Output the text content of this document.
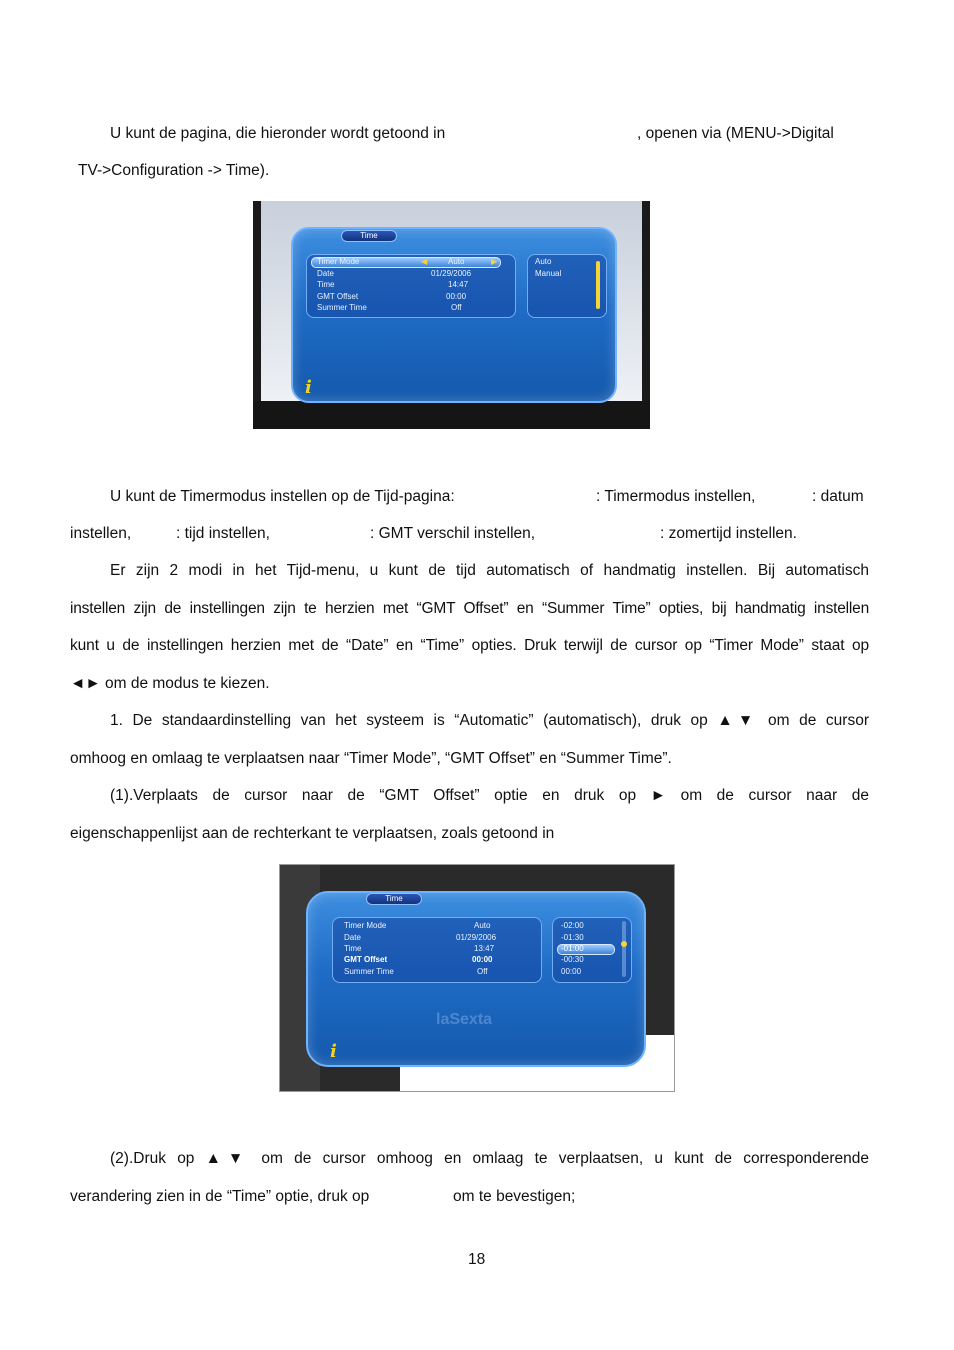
U kunt de pagina, die hieronder wordt getoond in	, openen via (MENU->Digital
TV->Configuration -> Time).
Time
Timer Mode	Auto
◀	▶
Date	01/29/2006
Time	14:47
GMT Offset	00:00
Summer Time	Off
Auto
Manual
i
U kunt de Timermodus instellen op de Tijd-pagina:	: Timermodus instellen,	: datum
instellen,	: tijd instellen,	: GMT verschil instellen,	: zomertijd instellen.
Er zijn 2 modi in het Tijd-menu, u kunt de tijd automatisch of handmatig instellen. Bij automatisch
instellen zijn de instellingen zijn te herzien met “GMT Offset” en “Summer Time” opties, bij handmatig instellen
kunt u de instellingen herzien met de “Date” en “Time” opties. Druk terwijl de cursor op “Timer Mode” staat op
◄► om de modus te kiezen.
1. De standaardinstelling van het systeem is “Automatic” (automatisch), druk op ▲▼ om de cursor
omhoog en omlaag te verplaatsen naar “Timer Mode”, “GMT Offset” en “Summer Time”.
(1).Verplaats de cursor naar de “GMT Offset” optie en druk op ► om de cursor naar de
eigenschappenlijst aan de rechterkant te verplaatsen, zoals getoond in
Time
Timer Mode	Auto
Date	01/29/2006
Time	13:47
GMT Offset	00:00
Summer Time	Off
-02:00
-01:30
-01:00
-00:30
00:00
laSexta
i
(2).Druk op ▲▼ om de cursor omhoog en omlaag te verplaatsen, u kunt de corresponderende
verandering zien in de “Time” optie, druk op	om te bevestigen;
18
